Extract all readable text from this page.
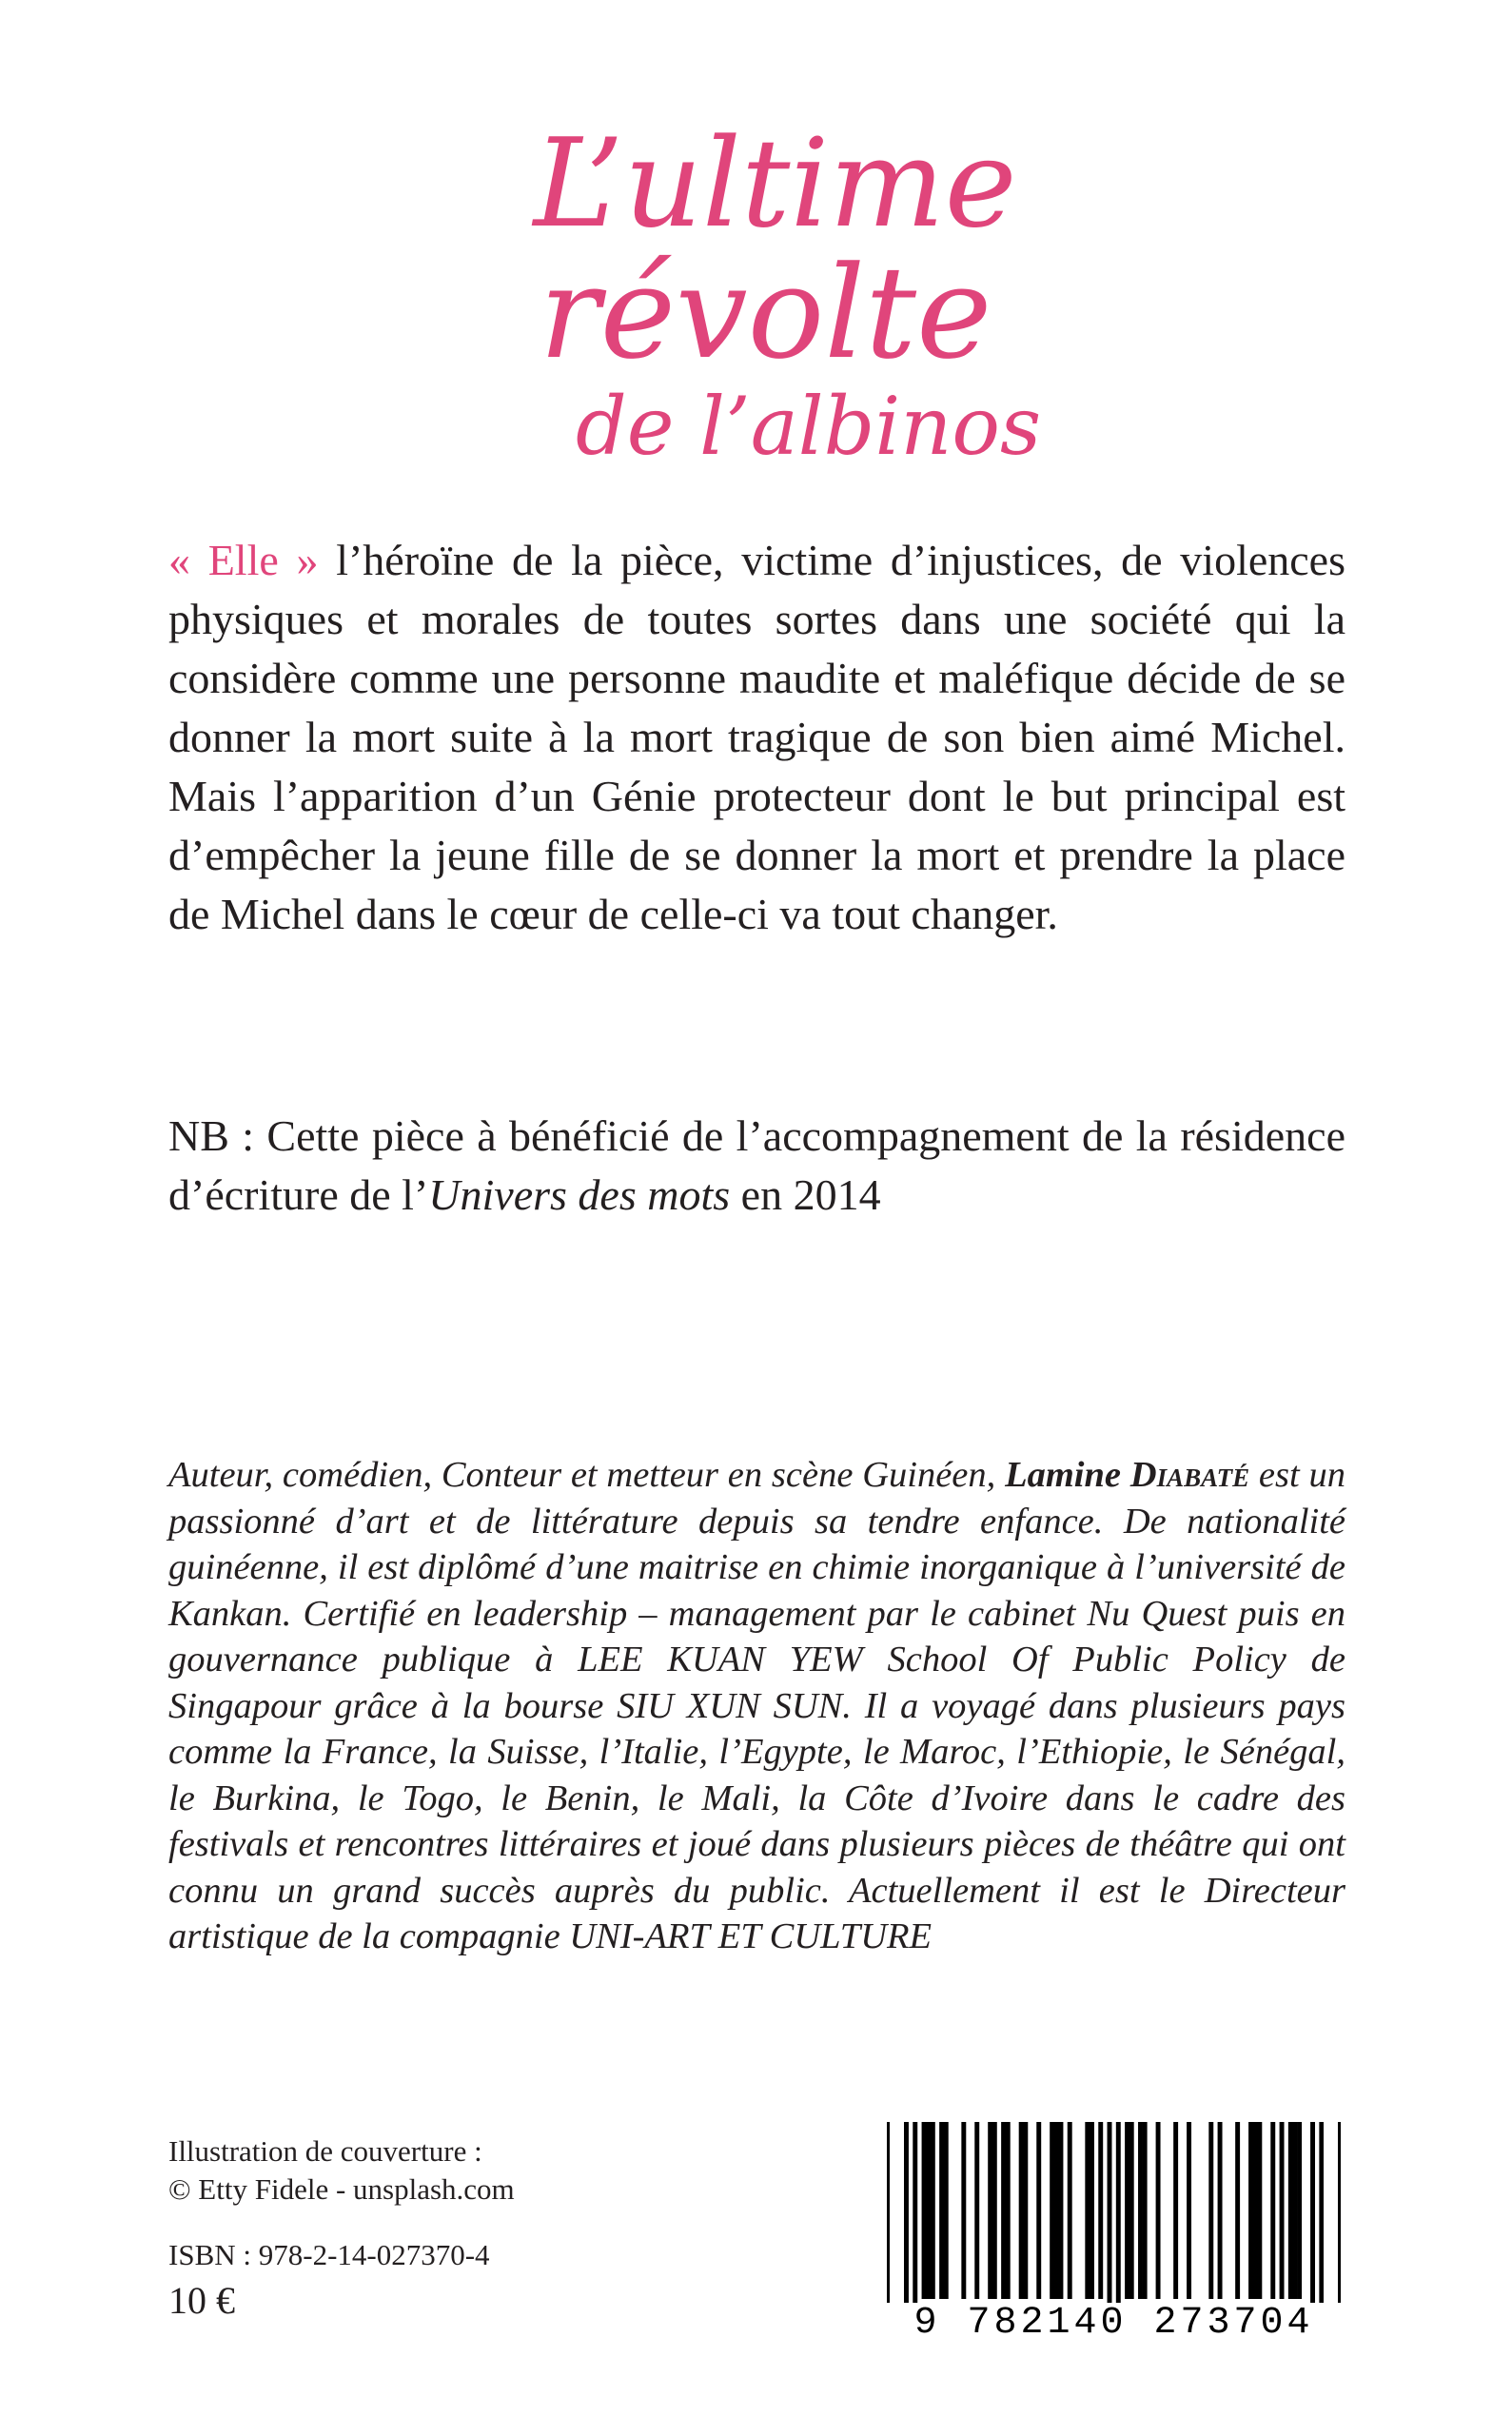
L’ultime
révolte
de l’albinos

« Elle » l’héroïne de la pièce, victime d’injustices, de violences physiques et morales de toutes sortes dans une société qui la considère comme une personne maudite et maléfique décide de se donner la mort suite à la mort tragique de son bien aimé Michel. Mais l’apparition d’un Génie protecteur dont le but principal est d’empêcher la jeune fille de se donner la mort et prendre la place de Michel dans le cœur de celle-ci va tout changer.

NB : Cette pièce à bénéficié de l’accompagnement de la résidence d’écriture de l’Univers des mots en 2014

Auteur, comédien, Conteur et metteur en scène Guinéen, Lamine Diabaté est un passionné d’art et de littérature depuis sa tendre enfance. De nationalité guinéenne, il est diplômé d’une maitrise en chimie inorganique à l’université de Kankan. Certifié en leadership – management par le cabinet Nu Quest puis en gouvernance publique à LEE KUAN YEW School Of Public Policy de Singapour grâce à la bourse SIU XUN SUN. Il a voyagé dans plusieurs pays comme la France, la Suisse, l’Italie, l’Egypte, le Maroc, l’Ethiopie, le Sénégal, le Burkina, le Togo, le Benin, le Mali, la Côte d’Ivoire dans le cadre des festivals et rencontres littéraires et joué dans plusieurs pièces de théâtre qui ont connu un grand succès auprès du public. Actuellement il est le Directeur artistique de la compagnie UNI-ART ET CULTURE

Illustration de couverture :
© Etty Fidele - unsplash.com
ISBN : 978-2-14-027370-4
10 €
9 782140 273704
